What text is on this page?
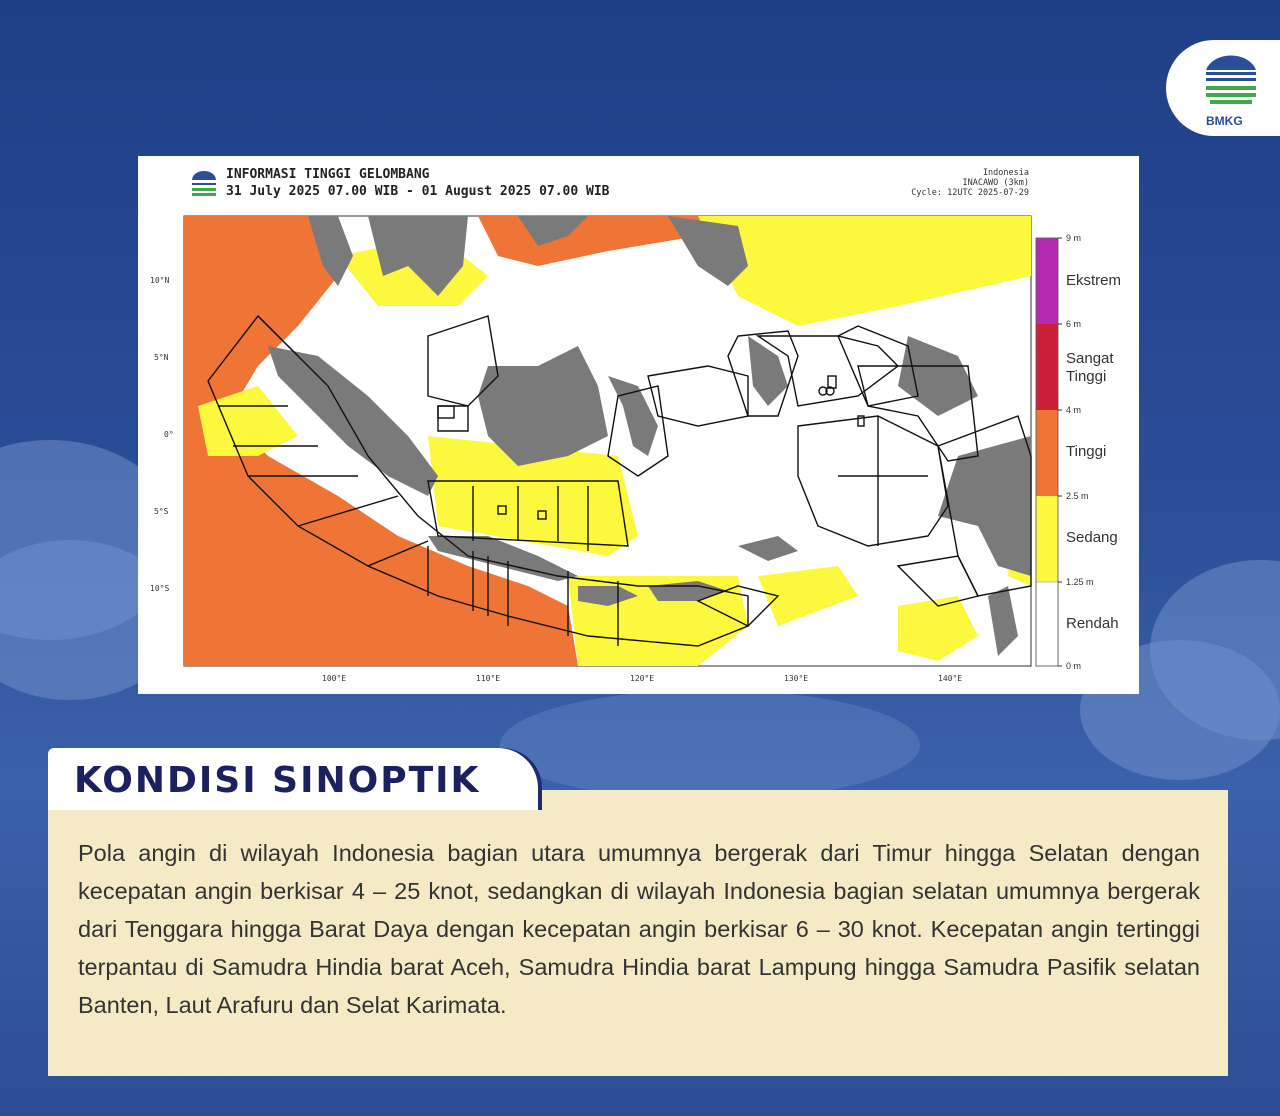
BMKG
INFORMASI TINGGI GELOMBANG
31 July 2025 07.00 WIB - 01 August 2025 07.00 WIB
Indonesia
INACAWO (3km)
Cycle: 12UTC 2025-07-29
10°N
5°N
0°
5°S
10°S
100°E	110°E	120°E	130°E	140°E
Ekstrem
Sangat Tinggi
Tinggi
Sedang
Rendah
9 m
6 m
4 m
2.5 m
1.25 m
0 m

Pola angin di wilayah Indonesia bagian utara umumnya bergerak dari Timur hingga Selatan dengan kecepatan angin berkisar 4 – 25 knot, sedangkan di wilayah Indonesia bagian selatan umumnya bergerak dari Tenggara hingga Barat Daya dengan kecepatan angin berkisar 6 – 30 knot. Kecepatan angin tertinggi terpantau di Samudra Hindia barat Aceh, Samudra Hindia barat Lampung hingga Samudra Pasifik selatan Banten, Laut Arafuru dan Selat Karimata.

KONDISI SINOPTIK
